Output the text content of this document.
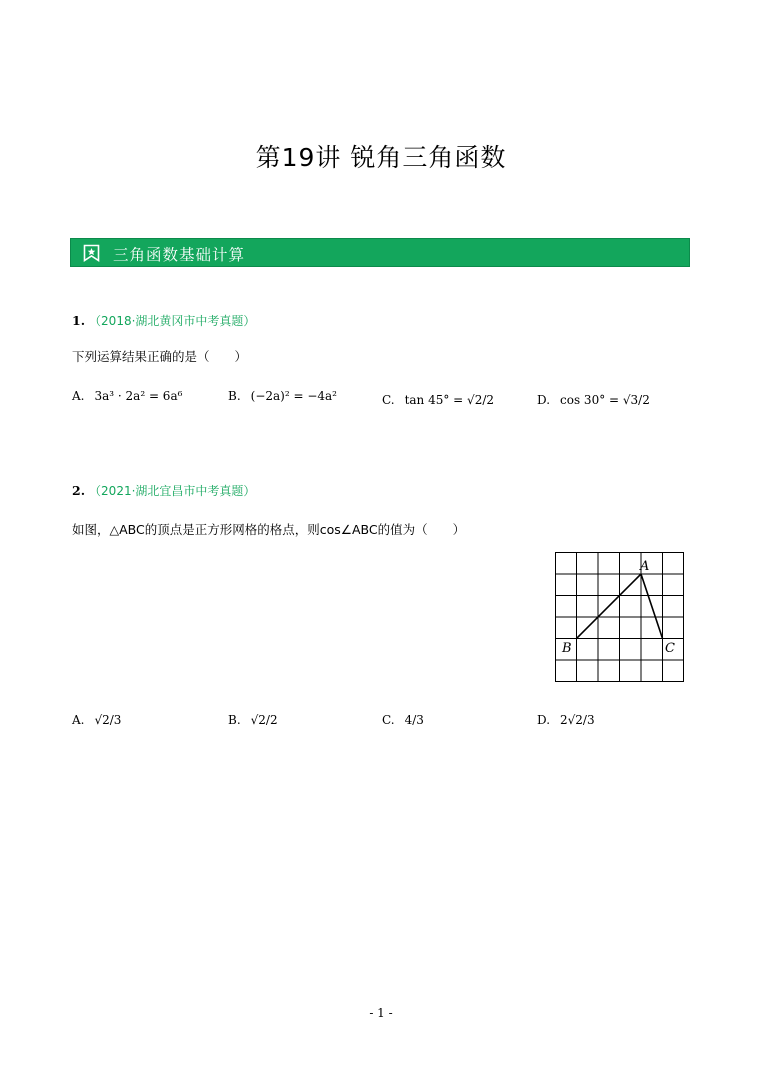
第19讲 锐角三角函数
三角函数基础计算
1. （2018·湖北黄冈市中考真题）
下列运算结果正确的是（　　）
A. 3a³ · 2a² = 6a⁶	B. (−2a)² = −4a²	C. tan 45° = √2/2	D. cos 30° = √3/2
2. （2021·湖北宜昌市中考真题）
如图，△ABC的顶点是正方形网格的格点，则cos∠ABC的值为（　　）
A
B	C
A. √2/3	B. √2/2	C. 4/3	D. 2√2/3
- 1 -
